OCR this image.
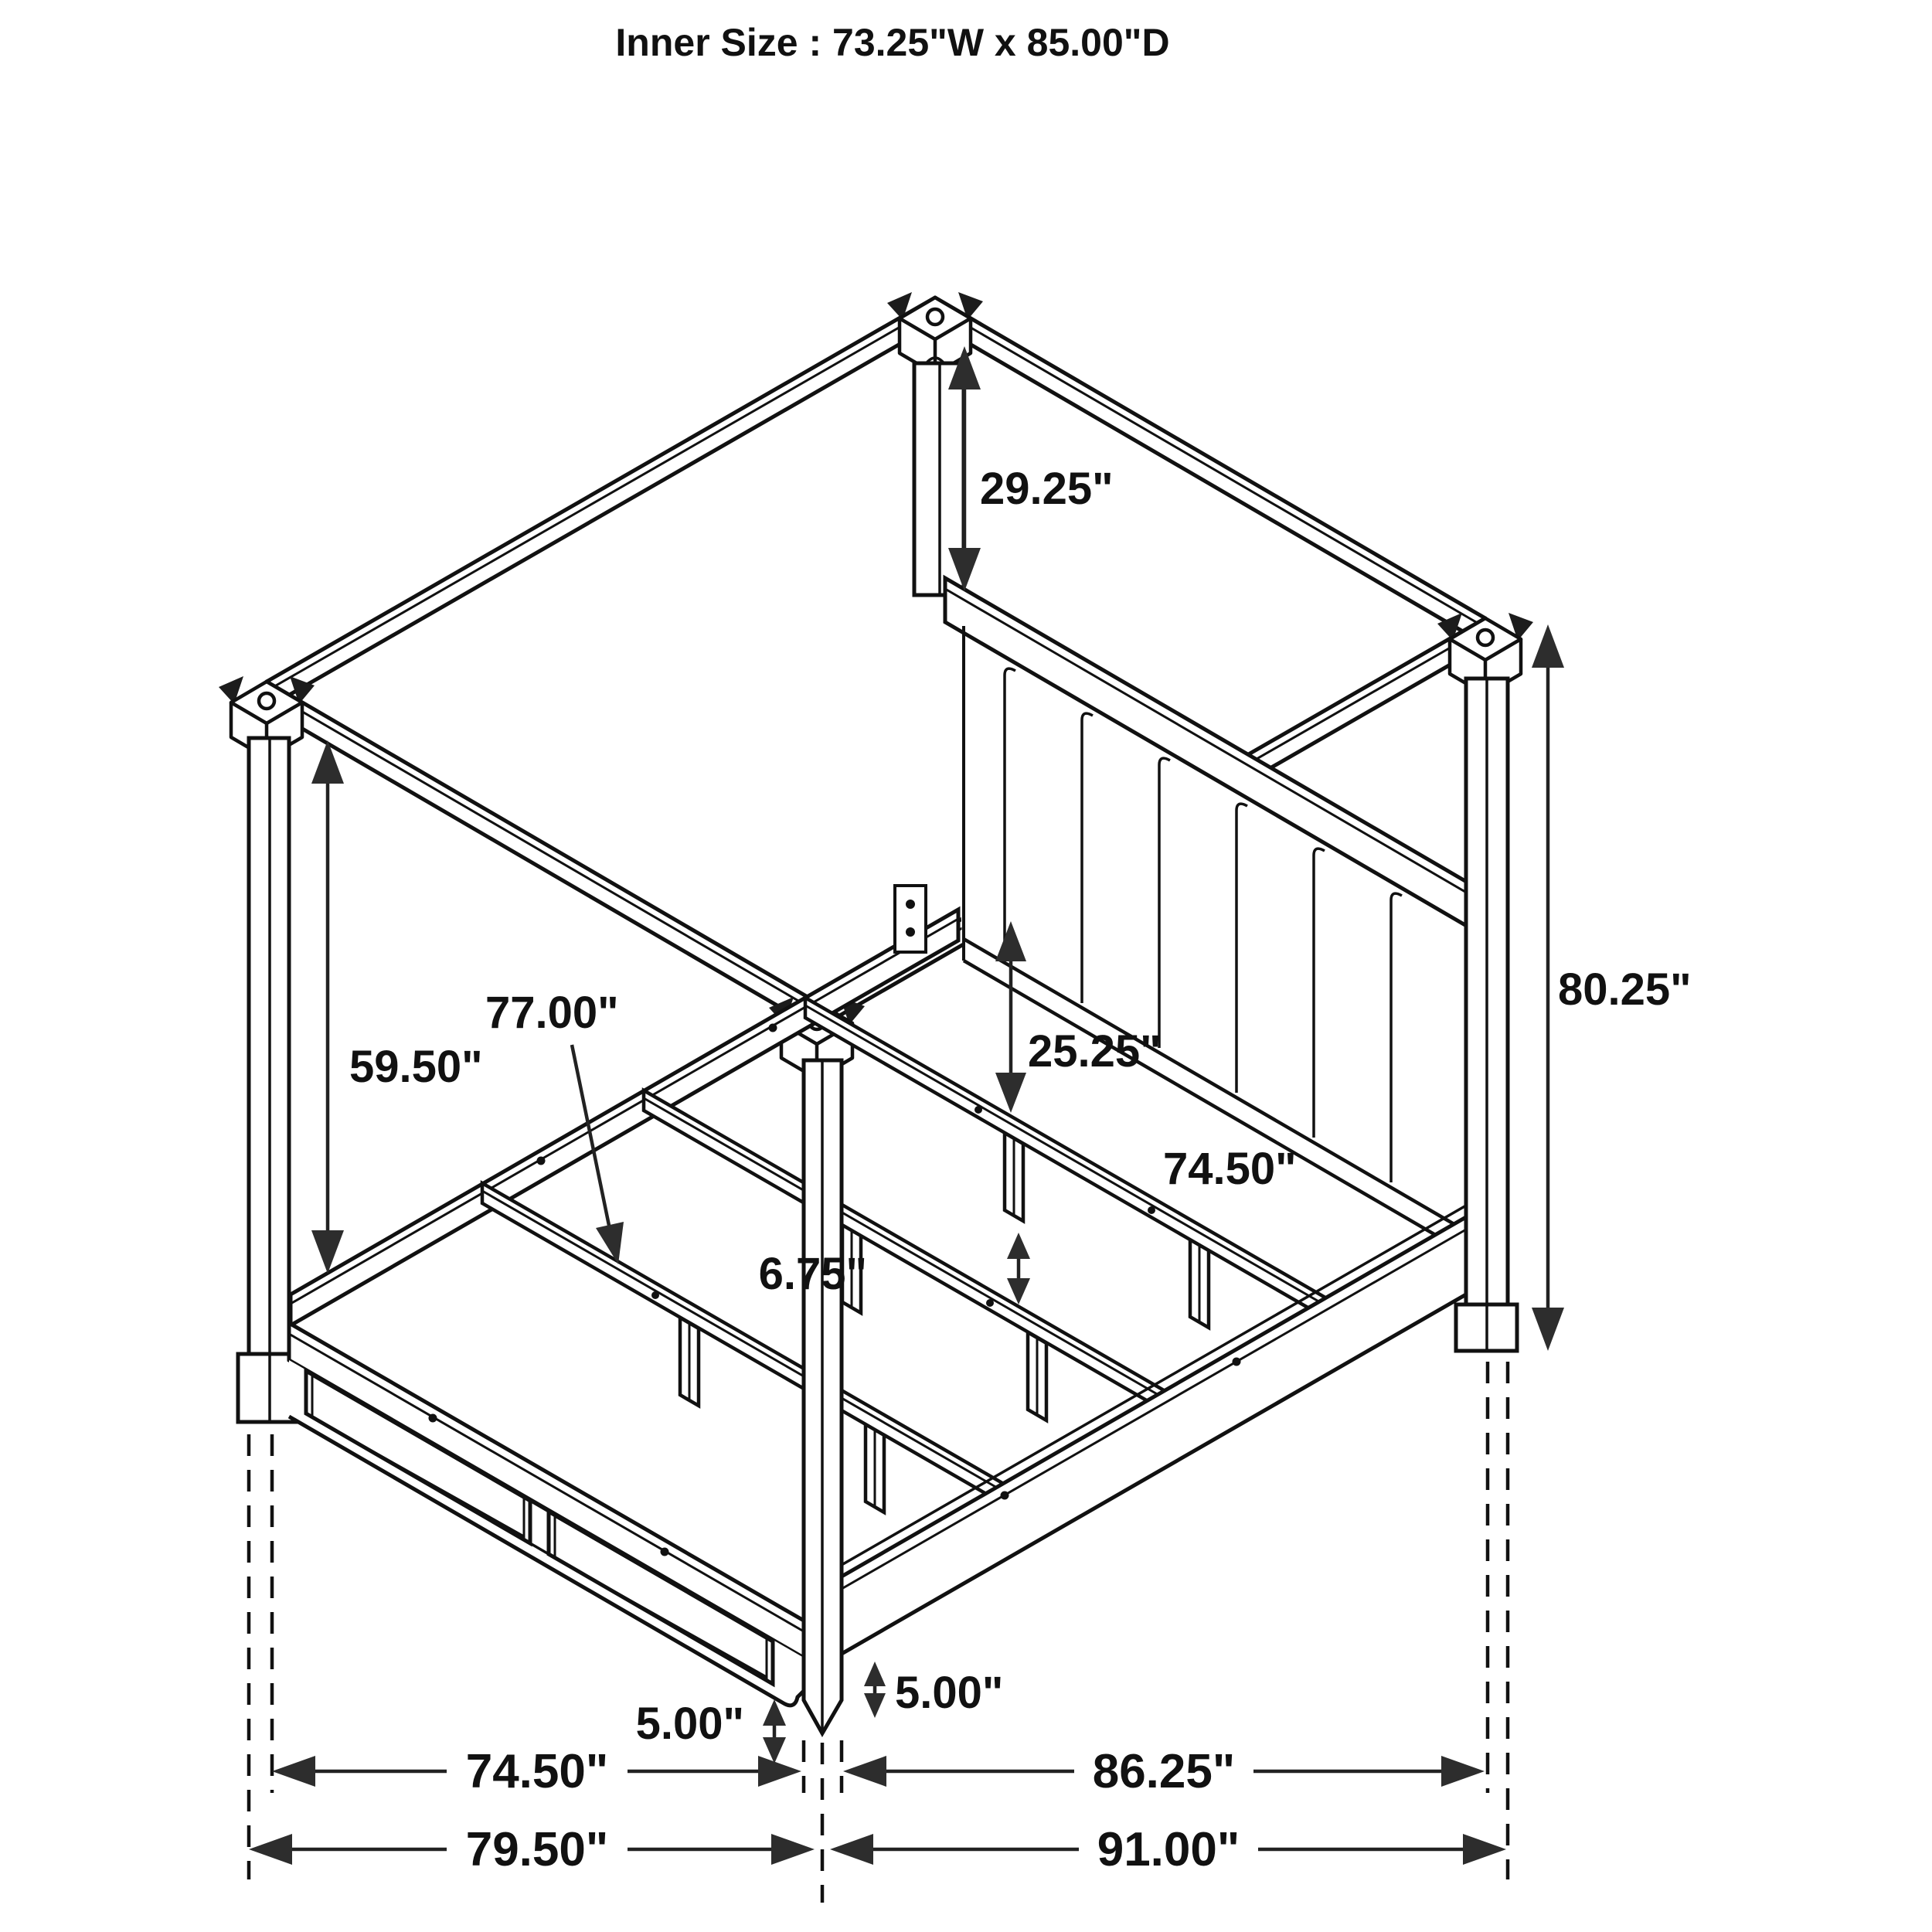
Inner Size : 73.25"W x 85.00"D
29.25"
59.50"
77.00"
25.25"
74.50"
80.25"
6.75"
5.00"
5.00"
74.50"	86.25"
79.50"	91.00"
